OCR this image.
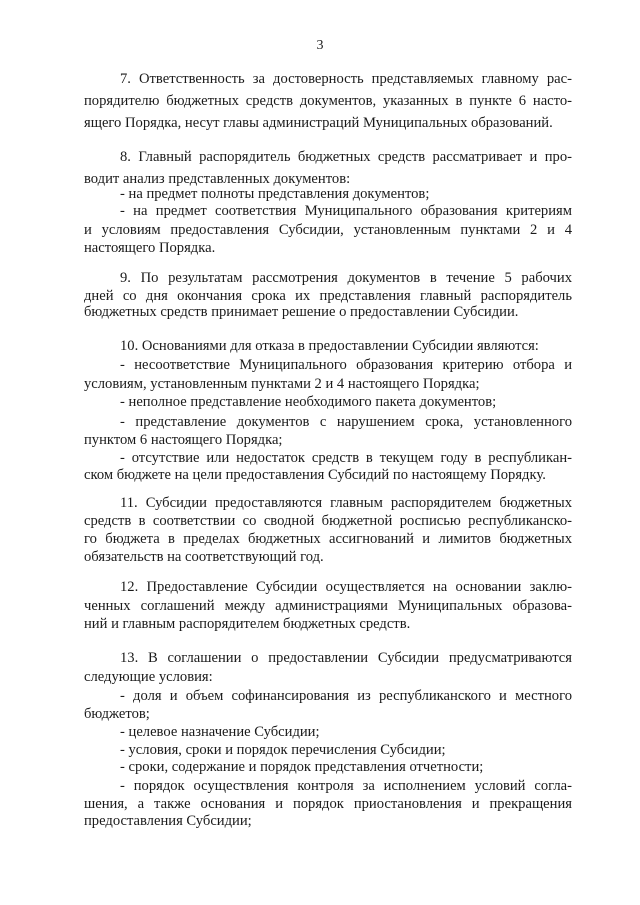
3
7. Ответственность за достоверность представляемых главному рас-
порядителю бюджетных средств документов, указанных в пункте 6 насто-
ящего Порядка, несут главы администраций Муниципальных образований.
8. Главный распорядитель бюджетных средств рассматривает и про-
водит анализ представленных документов:
- на предмет полноты представления документов;
- на предмет соответствия Муниципального образования критериям
и условиям предоставления Субсидии, установленным пунктами 2 и 4
настоящего Порядка.
9. По результатам рассмотрения документов в течение 5 рабочих
дней со дня окончания срока их представления главный распорядитель
бюджетных средств принимает решение о предоставлении Субсидии.
10. Основаниями для отказа в предоставлении Субсидии являются:
- несоответствие Муниципального образования критерию отбора и
условиям, установленным пунктами 2 и 4 настоящего Порядка;
- неполное представление необходимого пакета документов;
- представление документов с нарушением срока, установленного
пунктом 6 настоящего Порядка;
- отсутствие или недостаток средств в текущем году в республикан-
ском бюджете на цели предоставления Субсидий по настоящему Порядку.
11. Субсидии предоставляются главным распорядителем бюджетных
средств в соответствии со сводной бюджетной росписью республиканско-
го бюджета в пределах бюджетных ассигнований и лимитов бюджетных
обязательств на соответствующий год.
12. Предоставление Субсидии осуществляется на основании заклю-
ченных соглашений между администрациями Муниципальных образова-
ний и главным распорядителем бюджетных средств.
13. В соглашении о предоставлении Субсидии предусматриваются
следующие условия:
- доля и объем софинансирования из республиканского и местного
бюджетов;
- целевое назначение Субсидии;
- условия, сроки и порядок перечисления Субсидии;
- сроки, содержание и порядок представления отчетности;
- порядок осуществления контроля за исполнением условий согла-
шения, а также основания и порядок приостановления и прекращения
предоставления Субсидии;
